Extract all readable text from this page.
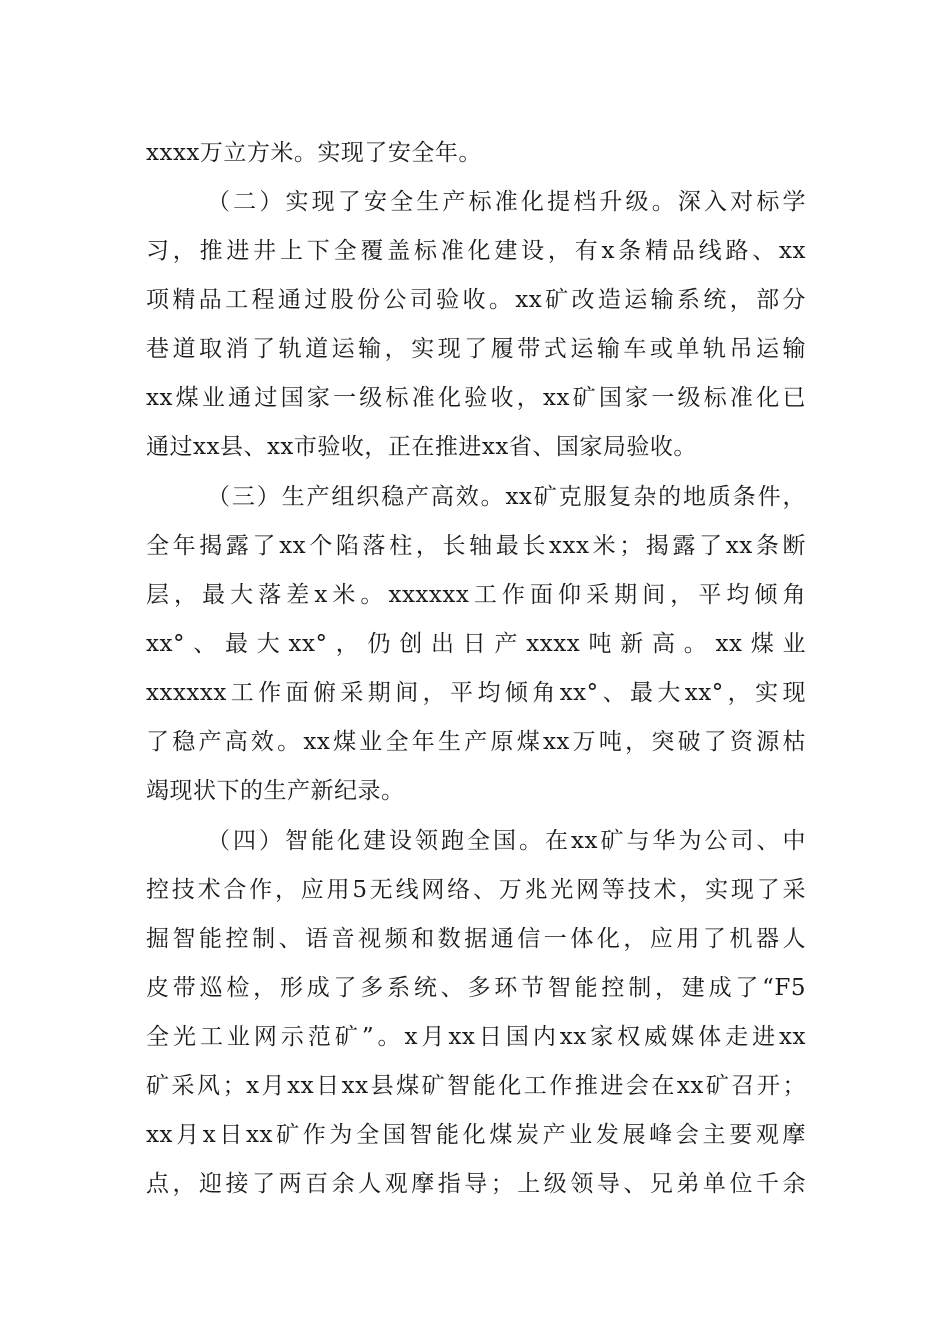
xxxx万立方米。实现了安全年。
（二）实现了安全生产标准化提档升级。深入对标学
习，推进井上下全覆盖标准化建设，有x条精品线路、xx
项精品工程通过股份公司验收。xx矿改造运输系统，部分
巷道取消了轨道运输，实现了履带式运输车或单轨吊运输
xx煤业通过国家一级标准化验收，xx矿国家一级标准化已
通过xx县、xx市验收，正在推进xx省、国家局验收。
（三）生产组织稳产高效。xx矿克服复杂的地质条件，
全年揭露了xx个陷落柱，长轴最长xxx米；揭露了xx条断
层，最大落差x米。xxxxxx工作面仰采期间，平均倾角
xx°、最大xx°，仍创出日产xxxx吨新高。xx煤业
xxxxxx工作面俯采期间，平均倾角xx°、最大xx°，实现
了稳产高效。xx煤业全年生产原煤xx万吨，突破了资源枯
竭现状下的生产新纪录。
（四）智能化建设领跑全国。在xx矿与华为公司、中
控技术合作，应用5无线网络、万兆光网等技术，实现了采
掘智能控制、语音视频和数据通信一体化，应用了机器人
皮带巡检，形成了多系统、多环节智能控制，建成了“F5
全光工业网示范矿”。x月xx日国内xx家权威媒体走进xx
矿采风；x月xx日xx县煤矿智能化工作推进会在xx矿召开；
xx月x日xx矿作为全国智能化煤炭产业发展峰会主要观摩
点，迎接了两百余人观摩指导；上级领导、兄弟单位千余
